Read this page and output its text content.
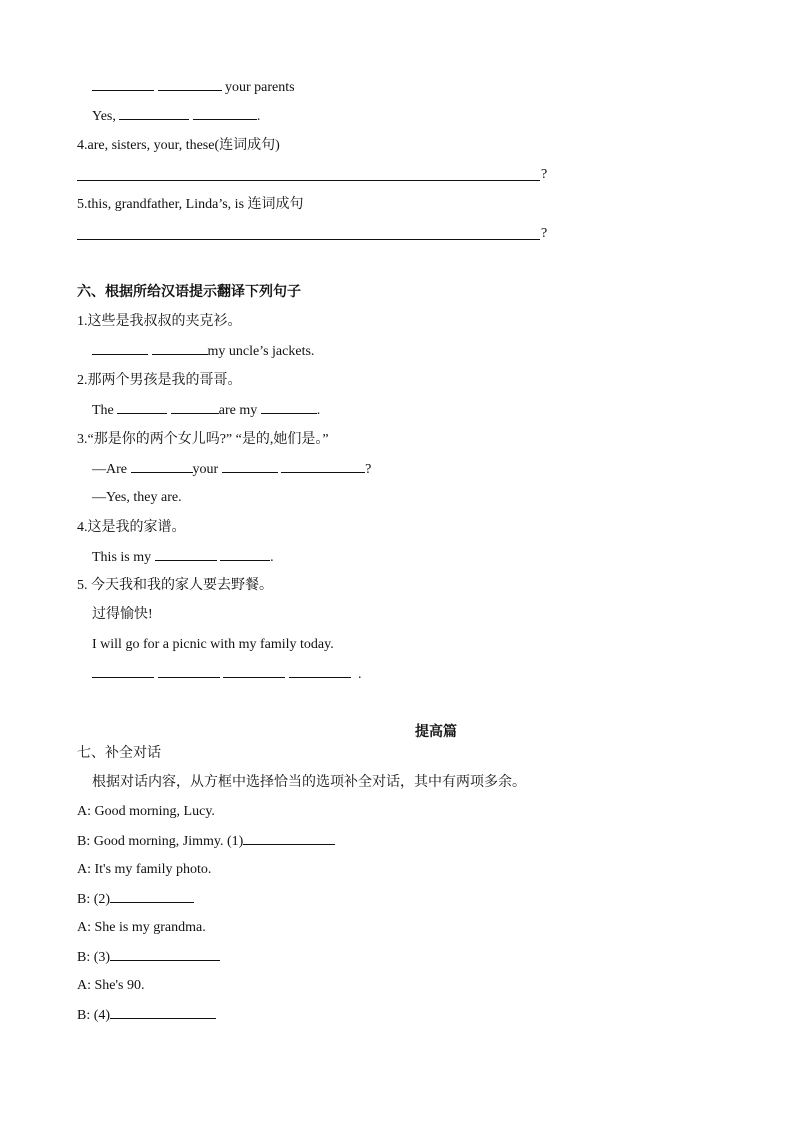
your parents
Yes,	.
4.are, sisters, your, these(连词成句)
?
5.this, grandfather, Linda’s, is 连词成句
?
六、根据所给汉语提示翻译下列句子
1.这些是我叔叔的夹克衫。
my uncle’s jackets.
2.那两个男孩是我的哥哥。
The	are my	.
3.“那是你的两个女儿吗?” “是的,她们是。”
—Are	your	?
—Yes, they are.
4.这是我的家谱。
This is my	.
5. 今天我和我的家人要去野餐。
过得愉快!
I will go for a picnic with my family today.
.
提高篇
七、补全对话
根据对话内容，从方框中选择恰当的选项补全对话，其中有两项多余。
A: Good morning, Lucy.
B: Good morning, Jimmy. (1)
A: It's my family photo.
B: (2)
A: She is my grandma.
B: (3)
A: She's 90.
B: (4)
